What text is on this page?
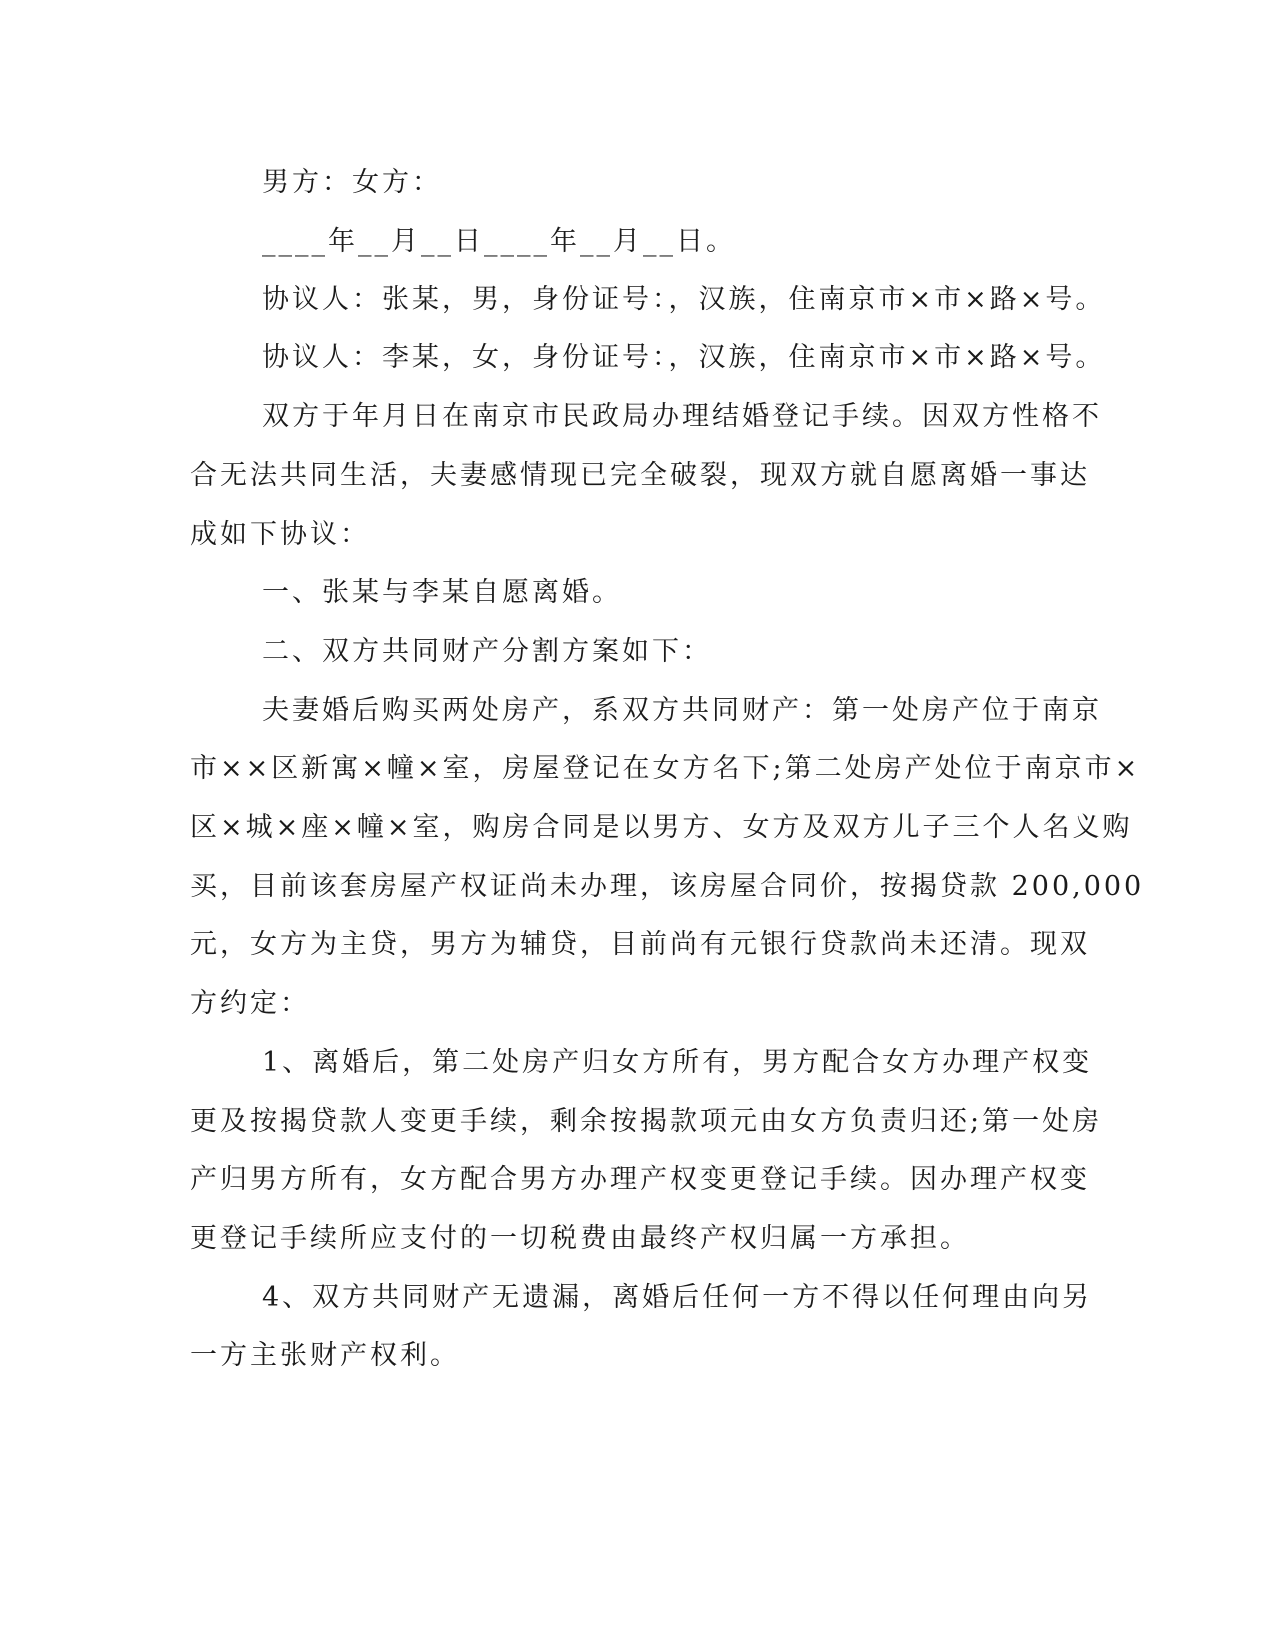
男方：女方：
____年__月__日____年__月__日。
协议人：张某，男，身份证号：，汉族，住南京市×市×路×号。
协议人：李某，女，身份证号：，汉族，住南京市×市×路×号。
双方于年月日在南京市民政局办理结婚登记手续。因双方性格不
合无法共同生活，夫妻感情现已完全破裂，现双方就自愿离婚一事达
成如下协议：
一、张某与李某自愿离婚。
二、双方共同财产分割方案如下：
夫妻婚后购买两处房产，系双方共同财产：第一处房产位于南京
市××区新寓×幢×室，房屋登记在女方名下;第二处房产处位于南京市×
区×城×座×幢×室，购房合同是以男方、女方及双方儿子三个人名义购
买，目前该套房屋产权证尚未办理，该房屋合同价，按揭贷款 200,000
元，女方为主贷，男方为辅贷，目前尚有元银行贷款尚未还清。现双
方约定：
1、离婚后，第二处房产归女方所有，男方配合女方办理产权变
更及按揭贷款人变更手续，剩余按揭款项元由女方负责归还;第一处房
产归男方所有，女方配合男方办理产权变更登记手续。因办理产权变
更登记手续所应支付的一切税费由最终产权归属一方承担。
4、双方共同财产无遗漏，离婚后任何一方不得以任何理由向另
一方主张财产权利。
